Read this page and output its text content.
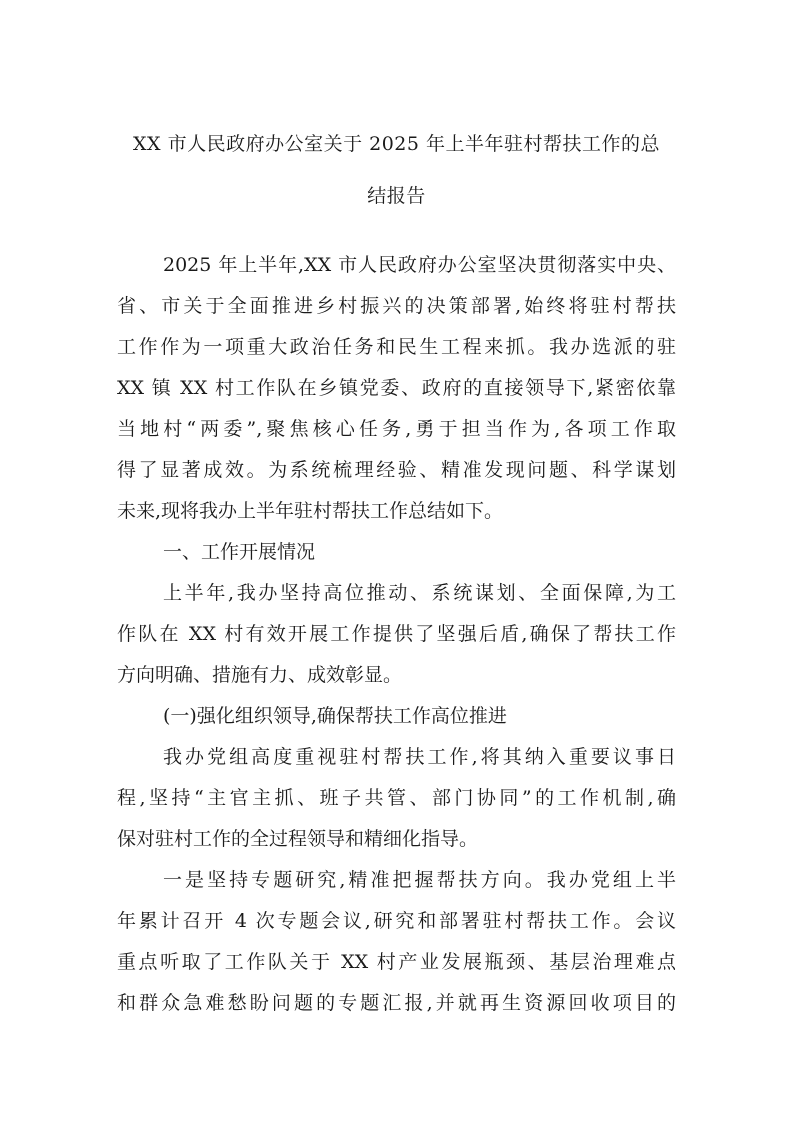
XX 市人民政府办公室关于 2025 年上半年驻村帮扶工作的总
结报告
2025 年上半年,XX 市人民政府办公室坚决贯彻落实中央、
省、市关于全面推进乡村振兴的决策部署,始终将驻村帮扶
工作作为一项重大政治任务和民生工程来抓。我办选派的驻
XX 镇 XX 村工作队在乡镇党委、政府的直接领导下,紧密依靠
当地村“两委”,聚焦核心任务,勇于担当作为,各项工作取
得了显著成效。为系统梳理经验、精准发现问题、科学谋划
未来,现将我办上半年驻村帮扶工作总结如下。
一、工作开展情况
上半年,我办坚持高位推动、系统谋划、全面保障,为工
作队在 XX 村有效开展工作提供了坚强后盾,确保了帮扶工作
方向明确、措施有力、成效彰显。
(一)强化组织领导,确保帮扶工作高位推进
我办党组高度重视驻村帮扶工作,将其纳入重要议事日
程,坚持“主官主抓、班子共管、部门协同”的工作机制,确
保对驻村工作的全过程领导和精细化指导。
一是坚持专题研究,精准把握帮扶方向。我办党组上半
年累计召开 4 次专题会议,研究和部署驻村帮扶工作。会议
重点听取了工作队关于 XX 村产业发展瓶颈、基层治理难点
和群众急难愁盼问题的专题汇报,并就再生资源回收项目的
